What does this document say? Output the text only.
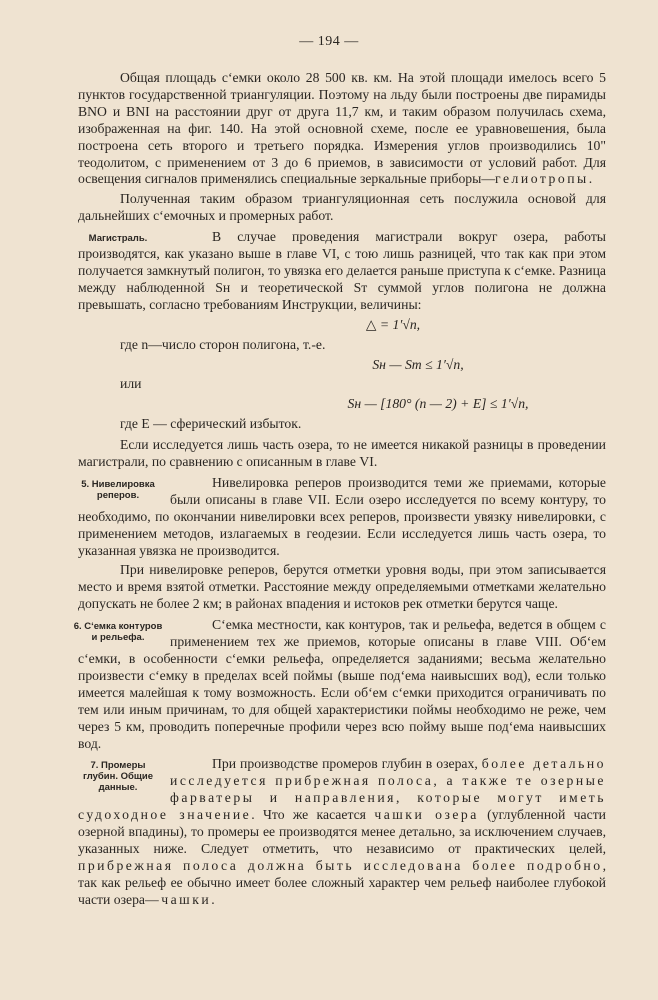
— 194 —

Общая площадь с‘емки около 28 500 кв. км. На этой площади имелось всего 5 пунктов государственной триангуляции. Поэтому на льду были построены две пирамиды BNO и BNI на расстоянии друг от друга 11,7 км, и таким образом получилась схема, изображенная на фиг. 140. На этой основной схеме, после ее уравновешения, была построена сеть второго и третьего порядка. Измерения углов производились 10" теодолитом, с применением от 3 до 6 приемов, в зависимости от условий работ. Для освещения сигналов применялись специальные зеркальные приборы—гелиотропы.

Полученная таким образом триангуляционная сеть послужила основой для дальнейших с‘емочных и промерных работ.

Магистраль.	В случае проведения магистрали вокруг озера, работы производятся, как указано выше в главе VI, с тою лишь разницей, что так как при этом получается замкнутый полигон, то увязка его делается раньше приступа к с‘емке. Разница между наблюденной Sн и теоретической Sт суммой углов полигона не должна превышать, согласно требованиям Инструкции, величины:

△ = 1′√n,

где n—число сторон полигона, т.-е.

Sн — Sт ≤ 1′√n,

или

Sн — [180° (n — 2) + E] ≤ 1′√n,

где E — сферический избыток.

Если исследуется лишь часть озера, то не имеется никакой разницы в проведении магистрали, по сравнению с описанным в главе VI.

5. Нивелировка реперов.
Нивелировка реперов производится теми же приемами, которые были описаны в главе VII. Если озеро исследуется по всему контуру, то необходимо, по окончании нивелировки всех реперов, произвести увязку нивелировки, с применением методов, излагаемых в геодезии. Если исследуется лишь часть озера, то указанная увязка не производится.

При нивелировке реперов, берутся отметки уровня воды, при этом записывается место и время взятой отметки. Расстояние между определяемыми отметками желательно допускать не более 2 км; в районах впадения и истоков рек отметки берутся чаще.

6. С‘емка контуров и рельефа.
С‘емка местности, как контуров, так и рельефа, ведется в общем с применением тех же приемов, которые описаны в главе VIII. Об‘ем с‘емки, в особенности с‘емки рельефа, определяется заданиями; весьма желательно произвести с‘емку в пределах всей поймы (выше под‘ема наивысших вод), если только имеется малейшая к тому возможность. Если об‘ем с‘емки приходится ограничивать по тем или иным причинам, то для общей характеристики поймы необходимо не реже, чем через 5 км, проводить поперечные профили через всю пойму выше под‘ема наивысших вод.

7. Промеры глубин. Общие данные.
При производстве промеров глубин в озерах, более детально исследуется прибрежная полоса, а также те озерные фарватеры и направления, которые могут иметь судоходное значение. Что же касается чашки озера (углубленной части озерной впадины), то промеры ее производятся менее детально, за исключением случаев, указанных ниже. Следует отметить, что независимо от практических целей, прибрежная полоса должна быть исследована более подробно, так как рельеф ее обычно имеет более сложный характер чем рельеф наиболее глубокой части озера—чашки.
